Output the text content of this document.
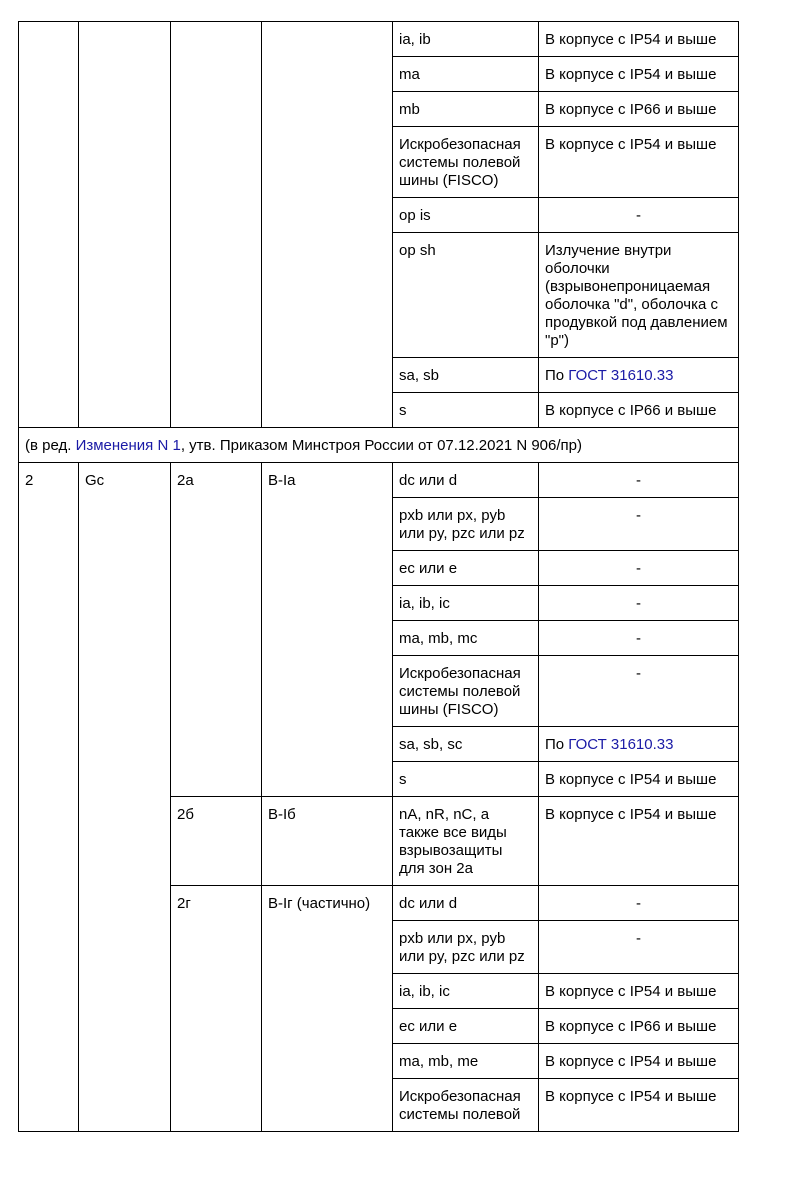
				ia, ib	В корпусе с IP54 и выше
				ma	В корпусе с IP54 и выше
				mb	В корпусе с IP66 и выше
				Искробезопасная системы полевой шины (FISCO)	В корпусе с IP54 и выше
				op is	-
				op sh	Излучение внутри оболочки (взрывонепроницаемая оболочка "d", оболочка с продувкой под давлением "p")
				sa, sb	По ГОСТ 31610.33
				s	В корпусе с IP66 и выше
(в ред. Изменения N 1, утв. Приказом Минстроя России от 07.12.2021 N 906/пр)					
2	Gc	2а	В-Iа	dc или d	-
				pxb или px, pyb или py, pzc или pz	-
				ec или e	-
				ia, ib, ic	-
				ma, mb, mc	-
				Искробезопасная системы полевой шины (FISCO)	-
				sa, sb, sc	По ГОСТ 31610.33
				s	В корпусе с IP54 и выше
		2б	В-Iб	nA, nR, nC, а также все виды взрывозащиты для зон 2а	В корпусе с IP54 и выше
		2г	В-Iг (частично)	dc или d	-
				pxb или px, pyb или py, pzc или pz	-
				ia, ib, ic	В корпусе с IP54 и выше
				ec или e	В корпусе с IP66 и выше
				ma, mb, me	В корпусе с IP54 и выше
				Искробезопасная системы полевой	В корпусе с IP54 и выше
